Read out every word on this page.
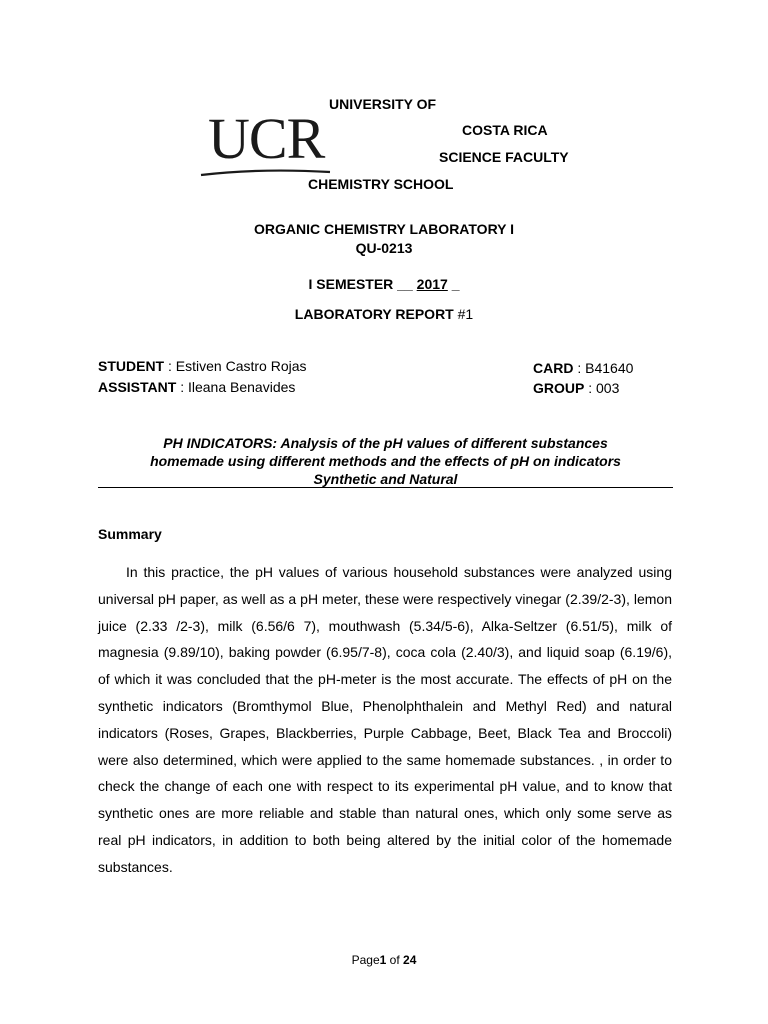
UNIVERSITY OF
UCR	COSTA RICA
SCIENCE FACULTY
CHEMISTRY SCHOOL
ORGANIC CHEMISTRY LABORATORY I
QU-0213
I SEMESTER __ 2017 _
LABORATORY REPORT #1
STUDENT : Estiven Castro Rojas
ASSISTANT : Ileana Benavides
CARD : B41640
GROUP : 003
PH INDICATORS: Analysis of the pH values of different substances
homemade using different methods and the effects of pH on indicators
Synthetic and Natural
Summary
In this practice, the pH values of various household substances were analyzed using universal pH paper, as well as a pH meter, these were respectively vinegar (2.39/2-3), lemon juice (2.33 /2-3), milk (6.56/6 7), mouthwash (5.34/5-6), Alka-Seltzer (6.51/5), milk of magnesia (9.89/10), baking powder (6.95/7-8), coca cola (2.40/3), and liquid soap (6.19/6), of which it was concluded that the pH-meter is the most accurate. The effects of pH on the synthetic indicators (Bromthymol Blue, Phenolphthalein and Methyl Red) and natural indicators (Roses, Grapes, Blackberries, Purple Cabbage, Beet, Black Tea and Broccoli) were also determined, which were applied to the same homemade substances. , in order to check the change of each one with respect to its experimental pH value, and to know that synthetic ones are more reliable and stable than natural ones, which only some serve as real pH indicators, in addition to both being altered by the initial color of the homemade substances.
Page1 of 24
